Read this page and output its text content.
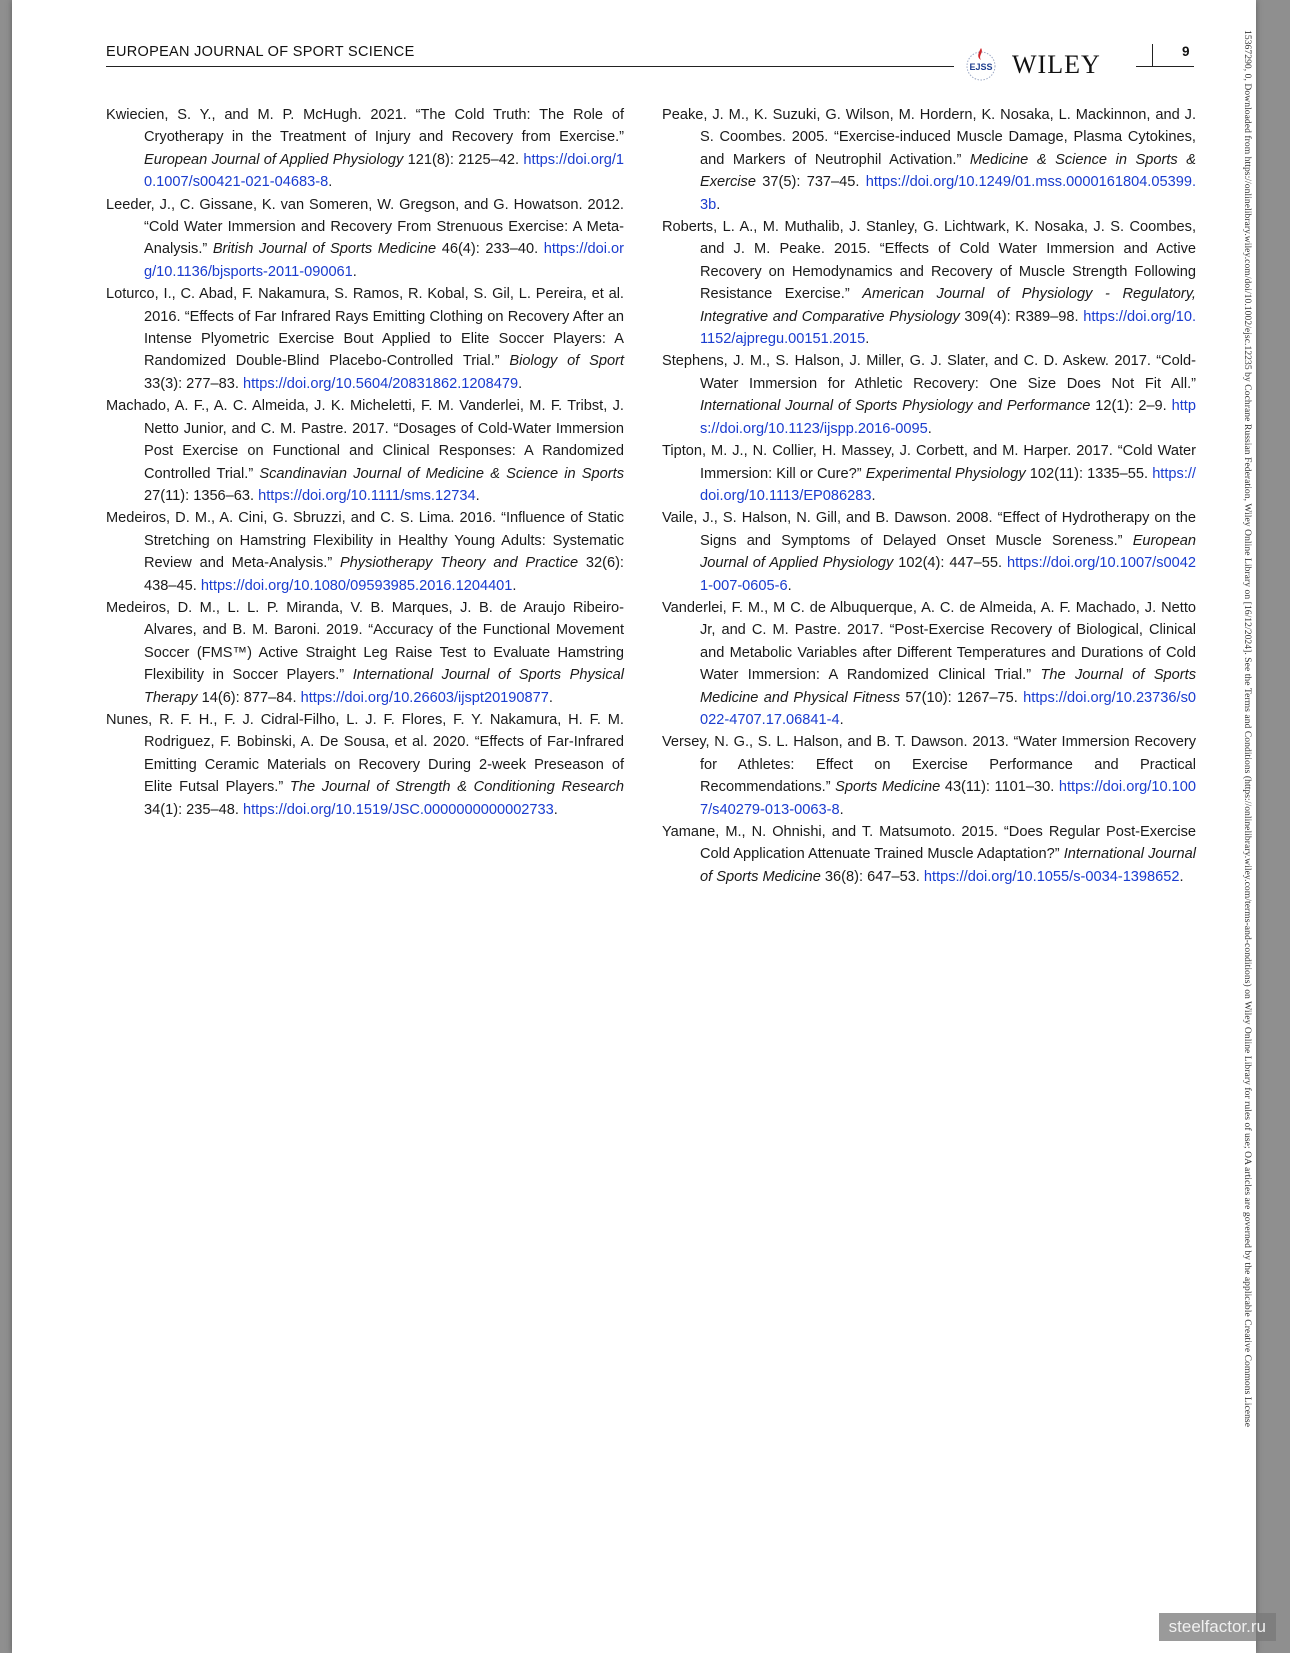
EUROPEAN JOURNAL OF SPORT SCIENCE
EJSS WILEY	9

Kwiecien, S. Y., and M. P. McHugh. 2021. “The Cold Truth: The Role of Cryotherapy in the Treatment of Injury and Recovery from Exercise.” European Journal of Applied Physiology 121(8): 2125–42. https://doi.org/10.1007/s00421-021-04683-8.

Leeder, J., C. Gissane, K. van Someren, W. Gregson, and G. Howatson. 2012. “Cold Water Immersion and Recovery From Strenuous Exercise: A Meta-Analysis.” British Journal of Sports Medicine 46(4): 233–40. https://doi.org/10.1136/bjsports-2011-090061.

Loturco, I., C. Abad, F. Nakamura, S. Ramos, R. Kobal, S. Gil, L. Pereira, et al. 2016. “Effects of Far Infrared Rays Emitting Clothing on Recovery After an Intense Plyometric Exercise Bout Applied to Elite Soccer Players: A Randomized Double-Blind Placebo-Controlled Trial.” Biology of Sport 33(3): 277–83. https://doi.org/10.5604/20831862.1208479.

Machado, A. F., A. C. Almeida, J. K. Micheletti, F. M. Vanderlei, M. F. Tribst, J. Netto Junior, and C. M. Pastre. 2017. “Dosages of Cold-Water Immersion Post Exercise on Functional and Clinical Responses: A Randomized Controlled Trial.” Scandinavian Journal of Medicine & Science in Sports 27(11): 1356–63. https://doi.org/10.1111/sms.12734.

Medeiros, D. M., A. Cini, G. Sbruzzi, and C. S. Lima. 2016. “Influence of Static Stretching on Hamstring Flexibility in Healthy Young Adults: Systematic Review and Meta-Analysis.” Physiotherapy Theory and Practice 32(6): 438–45. https://doi.org/10.1080/09593985.2016.1204401.

Medeiros, D. M., L. L. P. Miranda, V. B. Marques, J. B. de Araujo Ribeiro-Alvares, and B. M. Baroni. 2019. “Accuracy of the Functional Movement Soccer (FMS™) Active Straight Leg Raise Test to Evaluate Hamstring Flexibility in Soccer Players.” International Journal of Sports Physical Therapy 14(6): 877–84. https://doi.org/10.26603/ijspt20190877.

Nunes, R. F. H., F. J. Cidral-Filho, L. J. F. Flores, F. Y. Nakamura, H. F. M. Rodriguez, F. Bobinski, A. De Sousa, et al. 2020. “Effects of Far-Infrared Emitting Ceramic Materials on Recovery During 2-week Preseason of Elite Futsal Players.” The Journal of Strength & Conditioning Research 34(1): 235–48. https://doi.org/10.1519/JSC.0000000000002733.

Peake, J. M., K. Suzuki, G. Wilson, M. Hordern, K. Nosaka, L. Mackinnon, and J. S. Coombes. 2005. “Exercise-induced Muscle Damage, Plasma Cytokines, and Markers of Neutrophil Activation.” Medicine & Science in Sports & Exercise 37(5): 737–45. https://doi.org/10.1249/01.mss.0000161804.05399.3b.

Roberts, L. A., M. Muthalib, J. Stanley, G. Lichtwark, K. Nosaka, J. S. Coombes, and J. M. Peake. 2015. “Effects of Cold Water Immersion and Active Recovery on Hemodynamics and Recovery of Muscle Strength Following Resistance Exercise.” American Journal of Physiology - Regulatory, Integrative and Comparative Physiology 309(4): R389–98. https://doi.org/10.1152/ajpregu.00151.2015.

Stephens, J. M., S. Halson, J. Miller, G. J. Slater, and C. D. Askew. 2017. “Cold- Water Immersion for Athletic Recovery: One Size Does Not Fit All.” International Journal of Sports Physiology and Performance 12(1): 2–9. https://doi.org/10.1123/ijspp.2016-0095.

Tipton, M. J., N. Collier, H. Massey, J. Corbett, and M. Harper. 2017. “Cold Water Immersion: Kill or Cure?” Experimental Physiology 102(11): 1335–55. https://doi.org/10.1113/EP086283.

Vaile, J., S. Halson, N. Gill, and B. Dawson. 2008. “Effect of Hydrotherapy on the Signs and Symptoms of Delayed Onset Muscle Soreness.” European Journal of Applied Physiology 102(4): 447–55. https://doi.org/10.1007/s00421-007-0605-6.

Vanderlei, F. M., M C. de Albuquerque, A. C. de Almeida, A. F. Machado, J. Netto Jr, and C. M. Pastre. 2017. “Post-Exercise Recovery of Biological, Clinical and Metabolic Variables after Different Temperatures and Durations of Cold Water Immersion: A Randomized Clinical Trial.” The Journal of Sports Medicine and Physical Fitness 57(10): 1267–75. https://doi.org/10.23736/s0022-4707.17.06841-4.

Versey, N. G., S. L. Halson, and B. T. Dawson. 2013. “Water Immersion Recovery for Athletes: Effect on Exercise Performance and Practical Recommendations.” Sports Medicine 43(11): 1101–30. https://doi.org/10.1007/s40279-013-0063-8.

Yamane, M., N. Ohnishi, and T. Matsumoto. 2015. “Does Regular Post-Exercise Cold Application Attenuate Trained Muscle Adaptation?” International Journal of Sports Medicine 36(8): 647–53. https://doi.org/10.1055/s-0034-1398652.	15367290, 0, Downloaded from https://onlinelibrary.wiley.com/doi/10.1002/ejsc.12235 by Cochrane Russian Federation, Wiley Online Library on [16/12/2024]. See the Terms and Conditions (https://onlinelibrary.wiley.com/terms-and-conditions) on Wiley Online Library for rules of use; OA articles are governed by the applicable Creative Commons License
steelfactor.ru
